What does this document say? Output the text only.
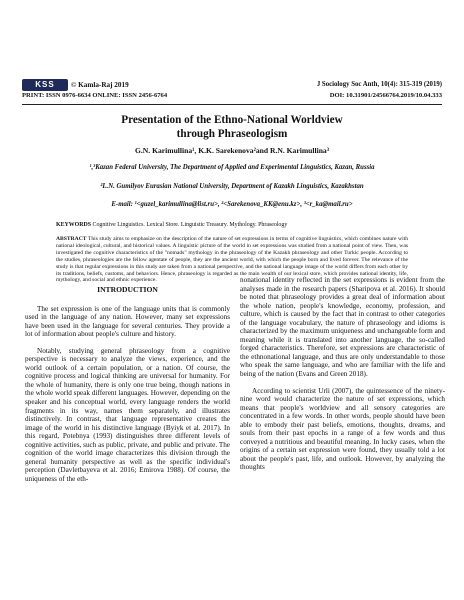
KSS	© Kamla-Raj 2019
PRINT: ISSN 0976-6634 ONLINE: ISSN 2456-6764
J Sociology Soc Anth, 10(4): 315-319 (2019)
DOI: 10.31901/24566764.2019/10.04.333
Presentation of the Ethno-National Worldview
through Phraseologism
G.N. Karimullina¹, K.K. Sarekenova²and R.N. Karimullina³
¹,³Kazan Federal University, The Department of Applied and Experimental Linguistics, Kazan, Russia
²L.N. Gumilyov Eurasian National University, Department of Kazakh Linguistics, Kazakhstan
E-mail: ¹<guzel_karimullina@list.ru>, ²<Sarekenova_KK@enu.kz>, ³<r_ka@mail.ru>
KEYWORDS Cognitive Linguistics. Lexical Store. Linguistic Treasury. Mythology. Phraseology
ABSTRACT This study aims to emphasize on the description of the nature of set expressions in terms of cognitive linguistics, which combines nature with national ideological, cultural, and historical values. A linguistic picture of the world in set expressions was studied from a national point of view. Then, was investigated the cognitive characteristics of the "nomads" mythology in the phraseology of the Kazakh phraseology and other Turkic people. According to the studies, phraseologies are the fellow agentate of people, they are the ancient world, with which the people born and lived forever. The relevance of the study is that regular expressions in this study are taken from a national perspective, and the national language image of the world differs from each other by its traditions, beliefs, customs, and behaviors. Hence, phraseology is regarded as the main wealth of our lexical store, which provides national identity, life, mythology, and social and ethnic experience.
INTRODUCTION

The set expression is one of the language units that is commonly used in the language of any nation. However, many set expressions have been used in the language for several centuries. They provide a lot of information about people's culture and history.

Notably, studying general phraseology from a cognitive perspective is necessary to analyze the views, experience, and the world outlook of a certain population, or a nation. Of course, the cognitive process and logical thinking are universal for humanity. For the whole of humanity, there is only one true being, though nations in the whole world speak different languages. However, depending on the speaker and his conceptual world, every language renders the world fragments in its way, names them separately, and illustrates distinctively. In contrast, that language representative creates the image of the world in his distinctive language (Byiyk et al. 2017). In this regard, Potebnya (1993) distinguishes three different levels of cognitive activities, such as public, private, and public and private. The cognition of the world image characterizes this division through the general humanity perspective as well as the specific individual's perception (Davletbayeva et al. 2016; Emirova 1988). Of course, the uniqueness of the eth-

nonational identity reflected in the set expressions is evident from the analyses made in the research papers (Sharipova et al. 2016). It should be noted that phraseology provides a great deal of information about the whole nation, people's knowledge, economy, profession, and culture, which is caused by the fact that in contrast to other categories of the language vocabulary, the nature of phraseology and idioms is characterized by the maximum uniqueness and unchangeable form and meaning while it is translated into another language, the so-called forged characteristics. Therefore, set expressions are characteristic of the ethnonational language, and thus are only understandable to those who speak the same language, and who are familiar with the life and being of the nation (Evans and Green 2018).

According to scientist Urli (2007), the quintessence of the ninety-nine word would characterize the nature of set expressions, which means that people's worldview and all sensory categories are concentrated in a few words. In other words, people should have been able to embody their past beliefs, emotions, thoughts, dreams, and souls from their past epochs in a range of a few words and thus conveyed a nutritious and beautiful meaning. In lucky cases, when the origins of a certain set expression were found, they usually told a lot about the people's past, life, and outlook. However, by analyzing the thoughts
